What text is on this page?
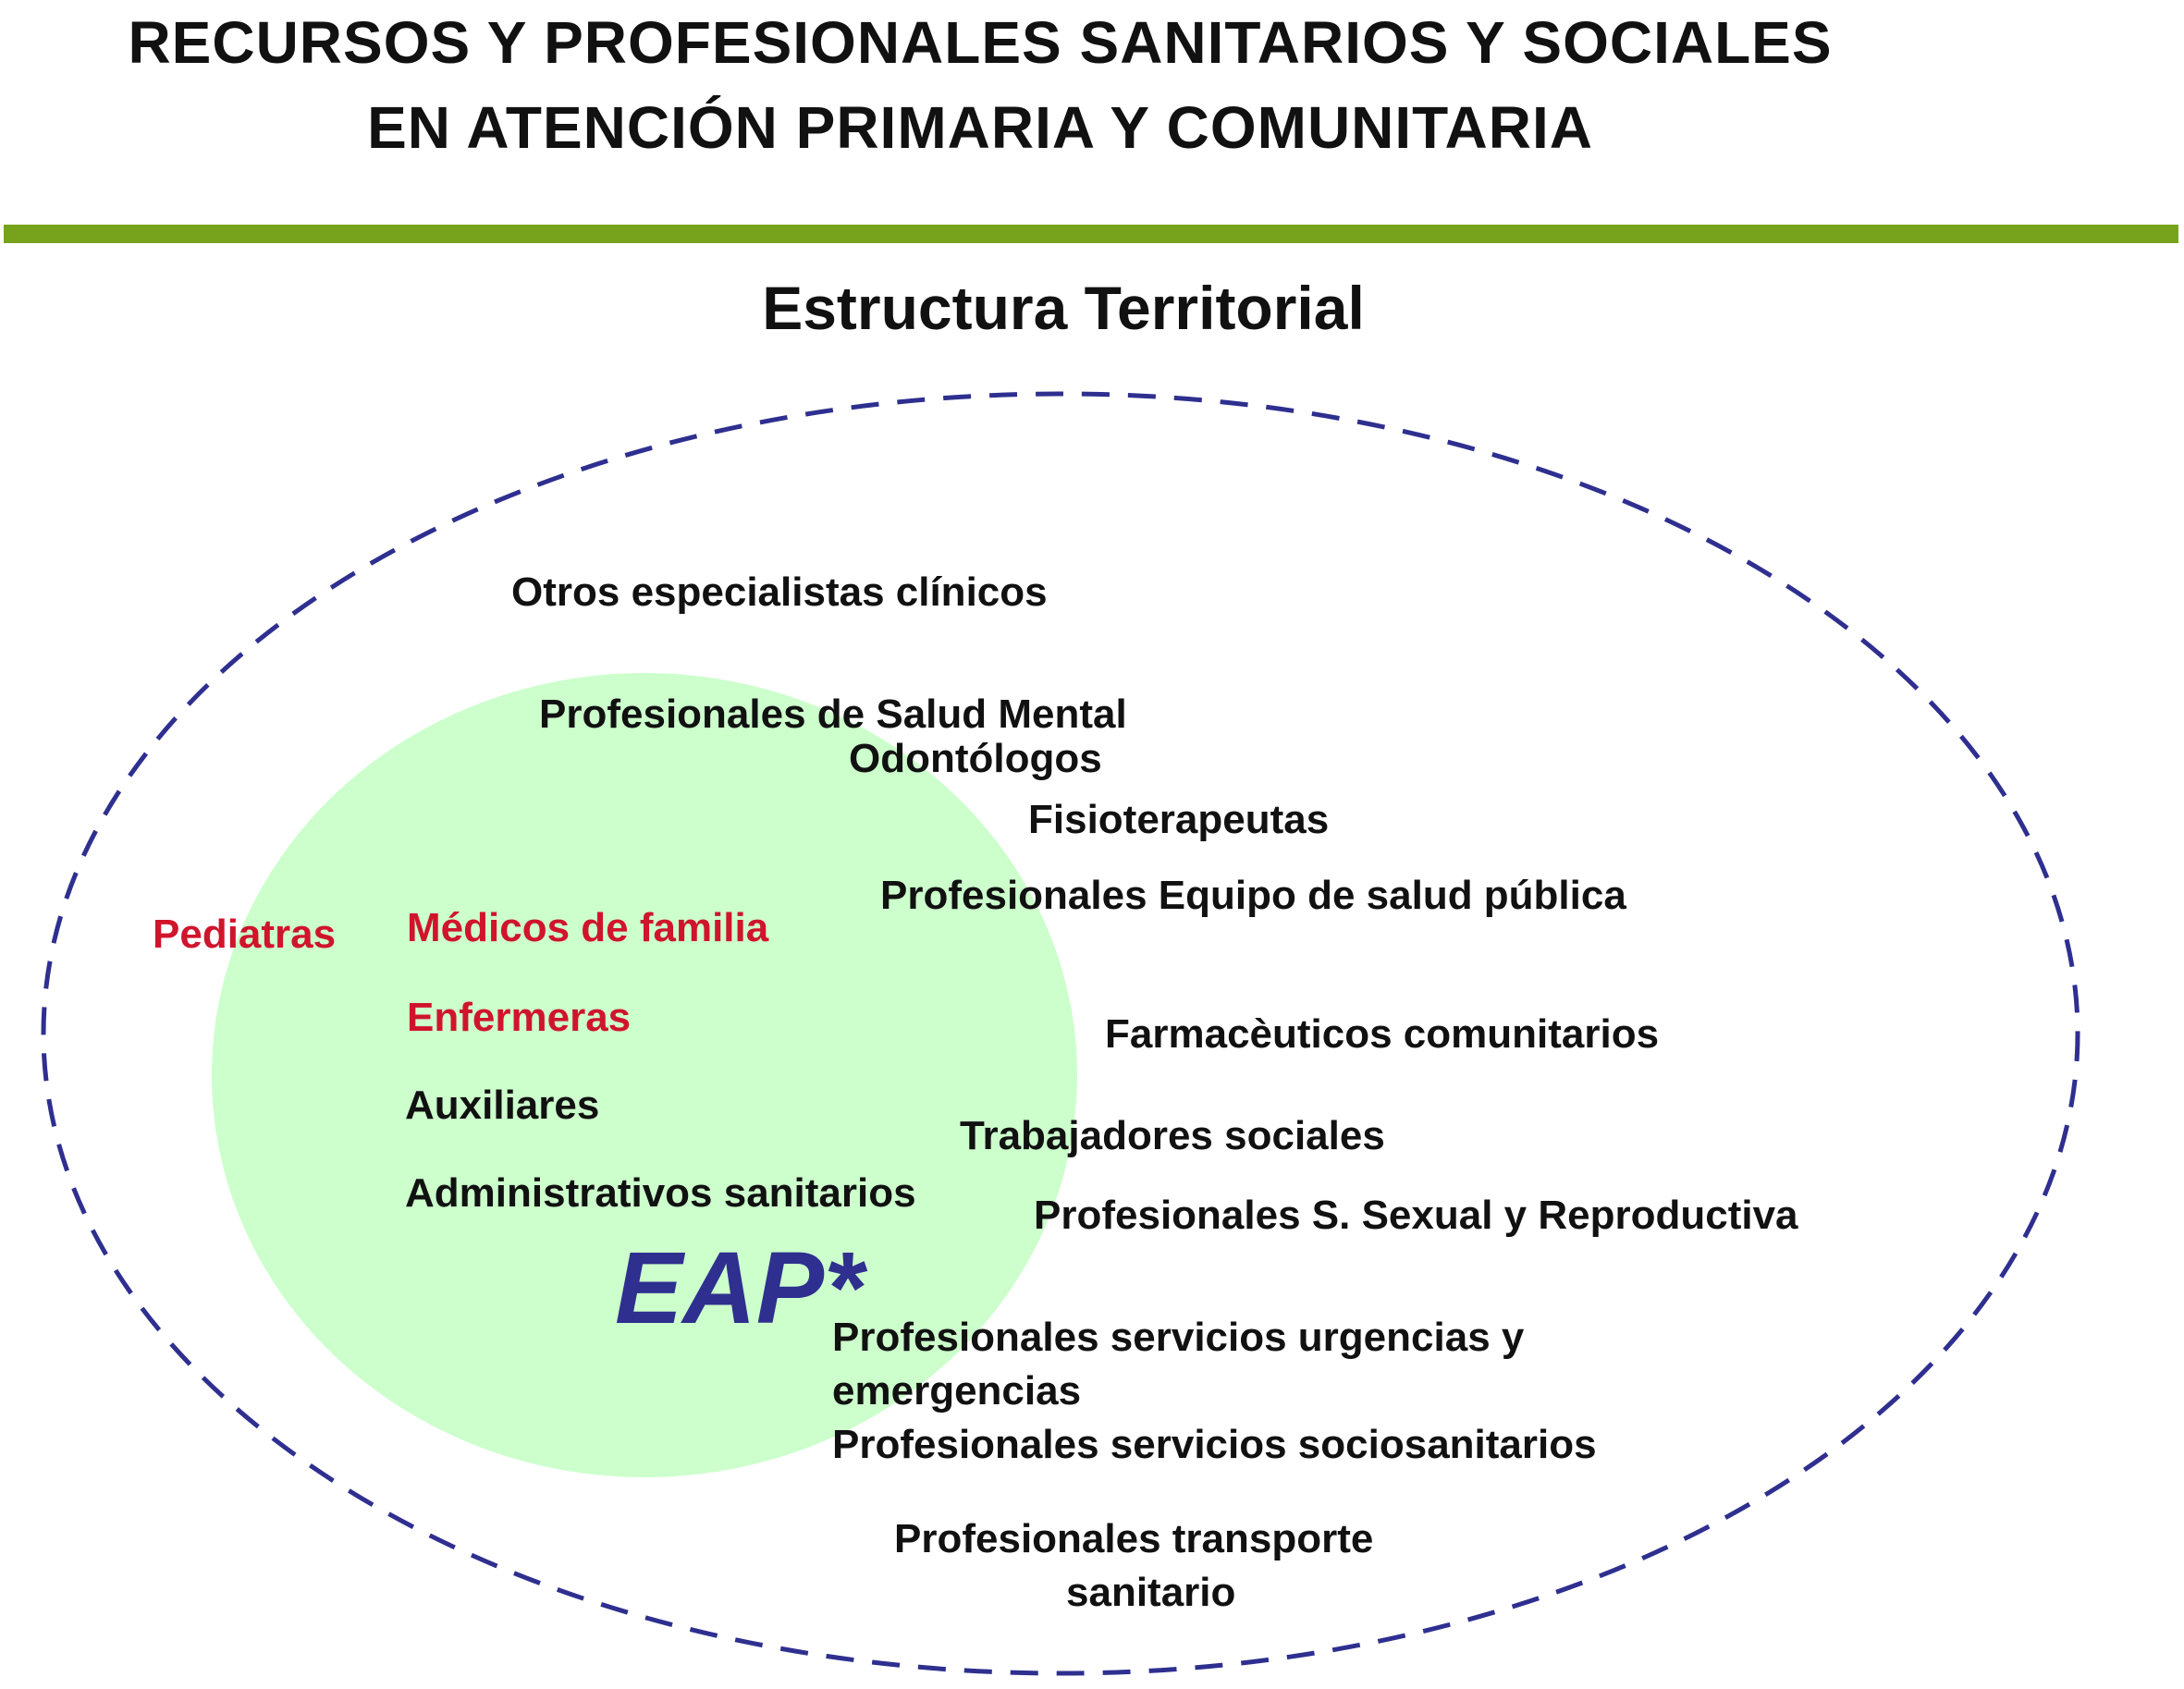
RECURSOS Y PROFESIONALES SANITARIOS Y SOCIALES
EN ATENCIÓN PRIMARIA Y COMUNITARIA
Estructura Territorial
Médicos de familia
Enfermeras
Auxiliares
Administrativos sanitarios
EAP*
Pediatras
Otros especialistas clínicos
Profesionales de Salud Mental
Odontólogos
Fisioterapeutas
Profesionales Equipo de salud pública
Farmacèuticos comunitarios
Trabajadores sociales
Profesionales S. Sexual y Reproductiva
Profesionales servicios urgencias y
emergencias
Profesionales servicios sociosanitarios
Profesionales transporte
sanitario
